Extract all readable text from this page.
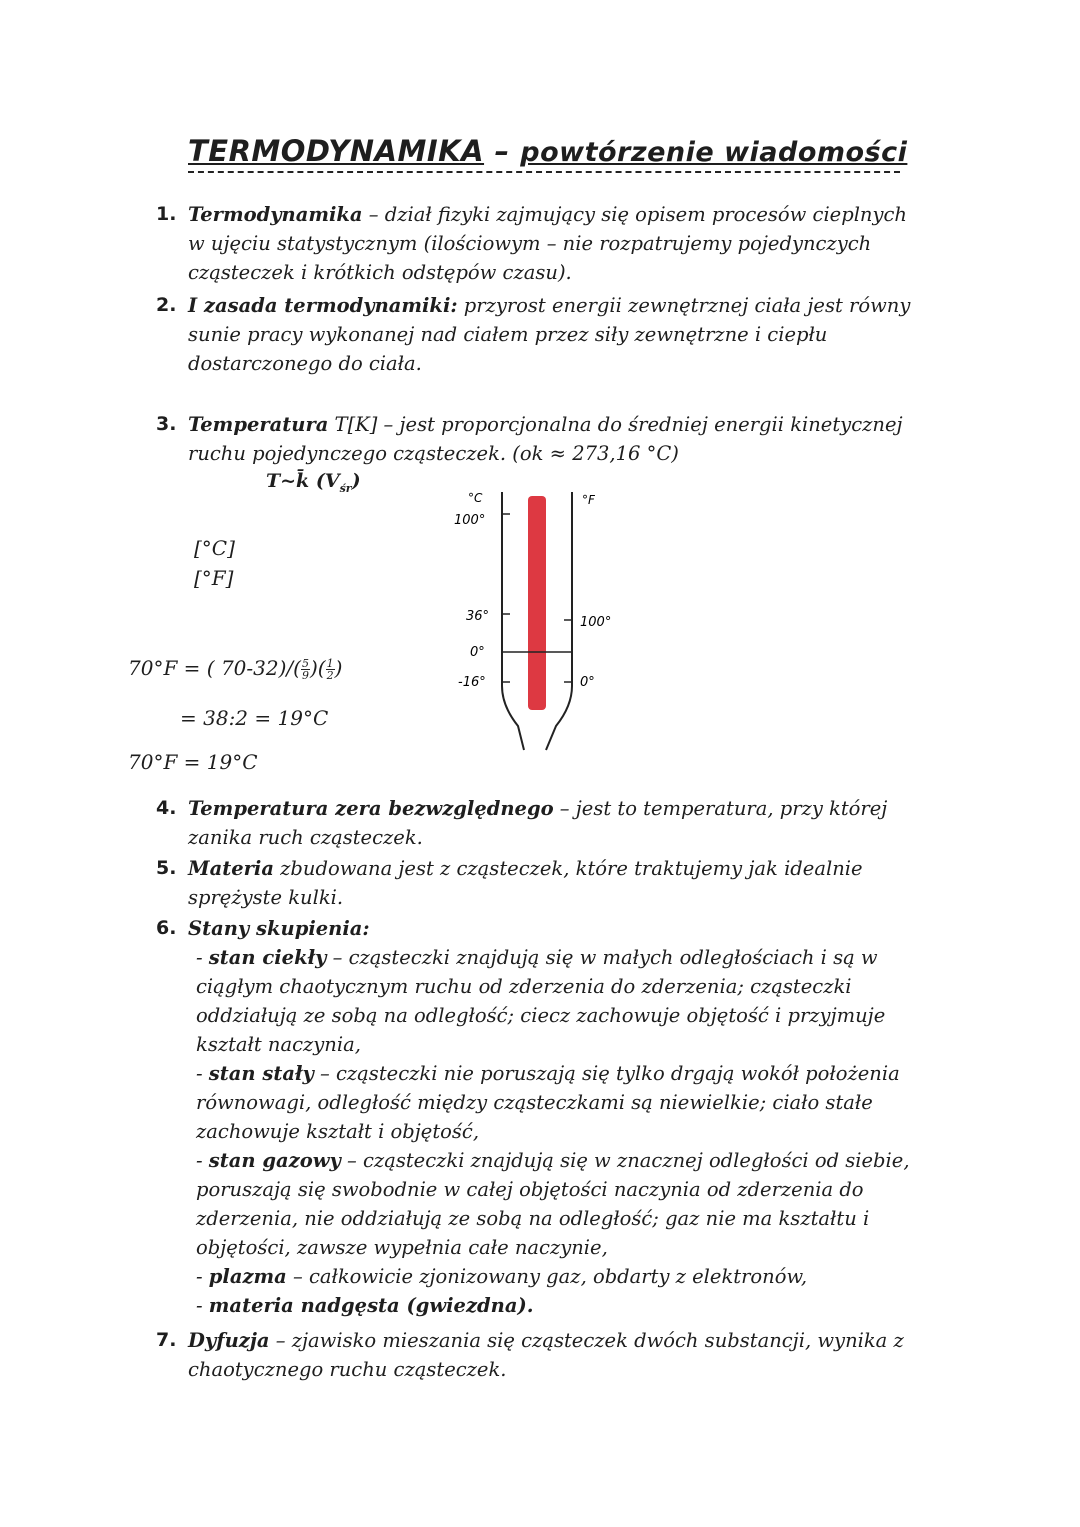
TERMODYNAMIKA – powtórzenie wiadomości
1. Termodynamika – dział fizyki zajmujący się opisem procesów cieplnych
w ujęciu statystycznym (ilościowym – nie rozpatrujemy pojedynczych
cząsteczek i krótkich odstępów czasu).
2. I zasada termodynamiki: przyrost energii zewnętrznej ciała jest równy
sunie pracy wykonanej nad ciałem przez siły zewnętrzne i ciepłu
dostarczonego do ciała.
3. Temperatura T[K] – jest proporcjonalna do średniej energii kinetycznej
ruchu pojedynczego cząsteczek. (ok ≈ 273,16 °C)
T~k̄ $(V_{śr})$
[°C]
[°F]
70°F = ( $70-32)/( \frac{5}{9}$ )( $\frac{1}{2}$ )
= 38:2 = 19°C
70°F = 19°C
°C
100°
36°
0°
-16°
°F
100°
0°
4. Temperatura zera bezwzględnego – jest to temperatura, przy której
zanika ruch cząsteczek.
5. Materia zbudowana jest z cząsteczek, które traktujemy jak idealnie
sprężyste kulki.
6. Stany skupienia:
- stan ciekły – cząsteczki znajdują się w małych odległościach i są w
ciągłym chaotycznym ruchu od zderzenia do zderzenia; cząsteczki
oddziałują ze sobą na odległość; ciecz zachowuje objętość i przyjmuje
kształt naczynia,
- stan stały – cząsteczki nie poruszają się tylko drgają wokół położenia
równowagi, odległość między cząsteczkami są niewielkie; ciało stałe
zachowuje kształt i objętość,
- stan gazowy – cząsteczki znajdują się w znacznej odległości od siebie,
poruszają się swobodnie w całej objętości naczynia od zderzenia do
zderzenia, nie oddziałują ze sobą na odległość; gaz nie ma kształtu i
objętości, zawsze wypełnia całe naczynie,
- plazma – całkowicie zjonizowany gaz, obdarty z elektronów,
- materia nadgęsta (gwiezdna).
7. Dyfuzja – zjawisko mieszania się cząsteczek dwóch substancji, wynika z
chaotycznego ruchu cząsteczek.
